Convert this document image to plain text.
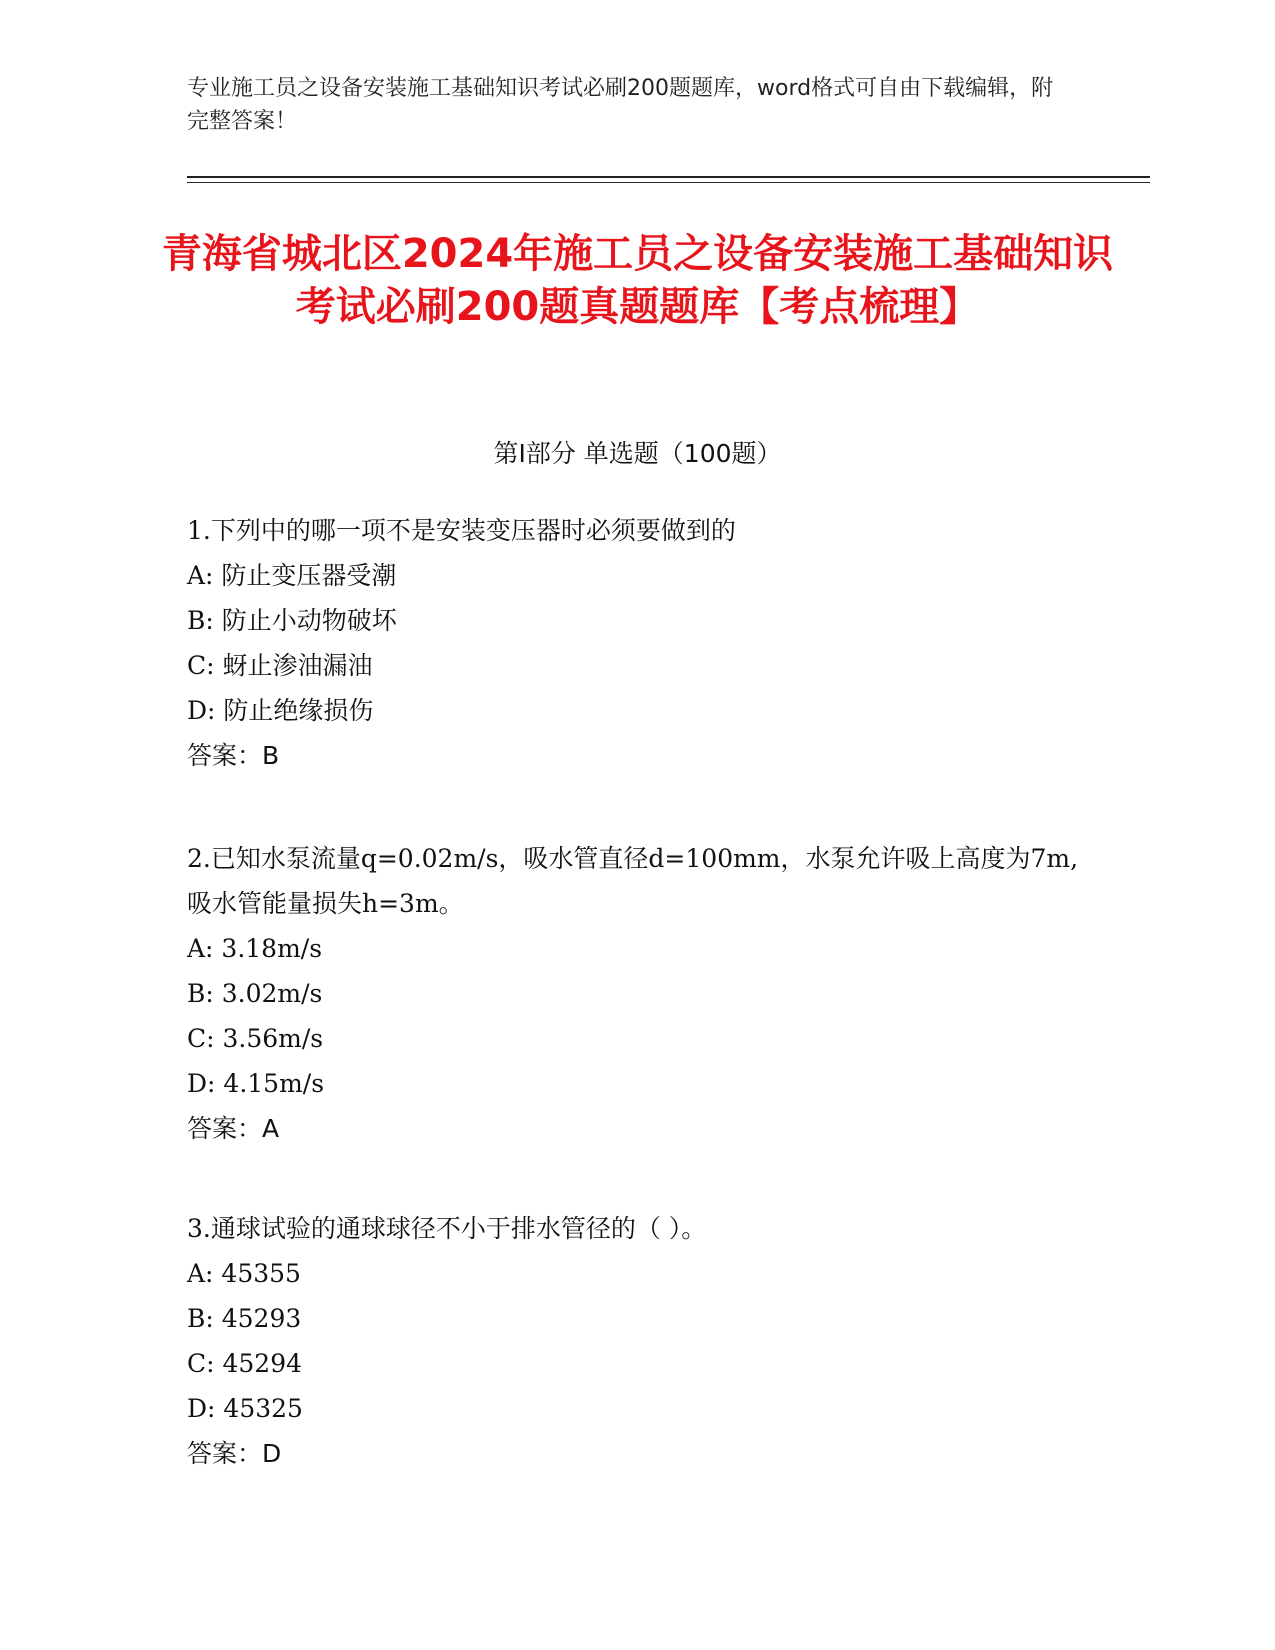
专业施工员之设备安装施工基础知识考试必刷200题题库，word格式可自由下载编辑，附完整答案！
青海省城北区2024年施工员之设备安装施工基础知识考试必刷200题真题题库【考点梳理】
第I部分 单选题（100题）
1.下列中的哪一项不是安装变压器时必须要做到的
A: 防止变压器受潮
B: 防止小动物破坏
C: 蚜止渗油漏油
D: 防止绝缘损伤
答案：B
2.已知水泵流量q=0.02m/s，吸水管直径d=100mm，水泵允许吸上高度为7m,吸水管能量损失h=3m。
A: 3.18m/s
B: 3.02m/s
C: 3.56m/s
D: 4.15m/s
答案：A
3.通球试验的通球球径不小于排水管径的（ ）。
A: 45355
B: 45293
C: 45294
D: 45325
答案：D
